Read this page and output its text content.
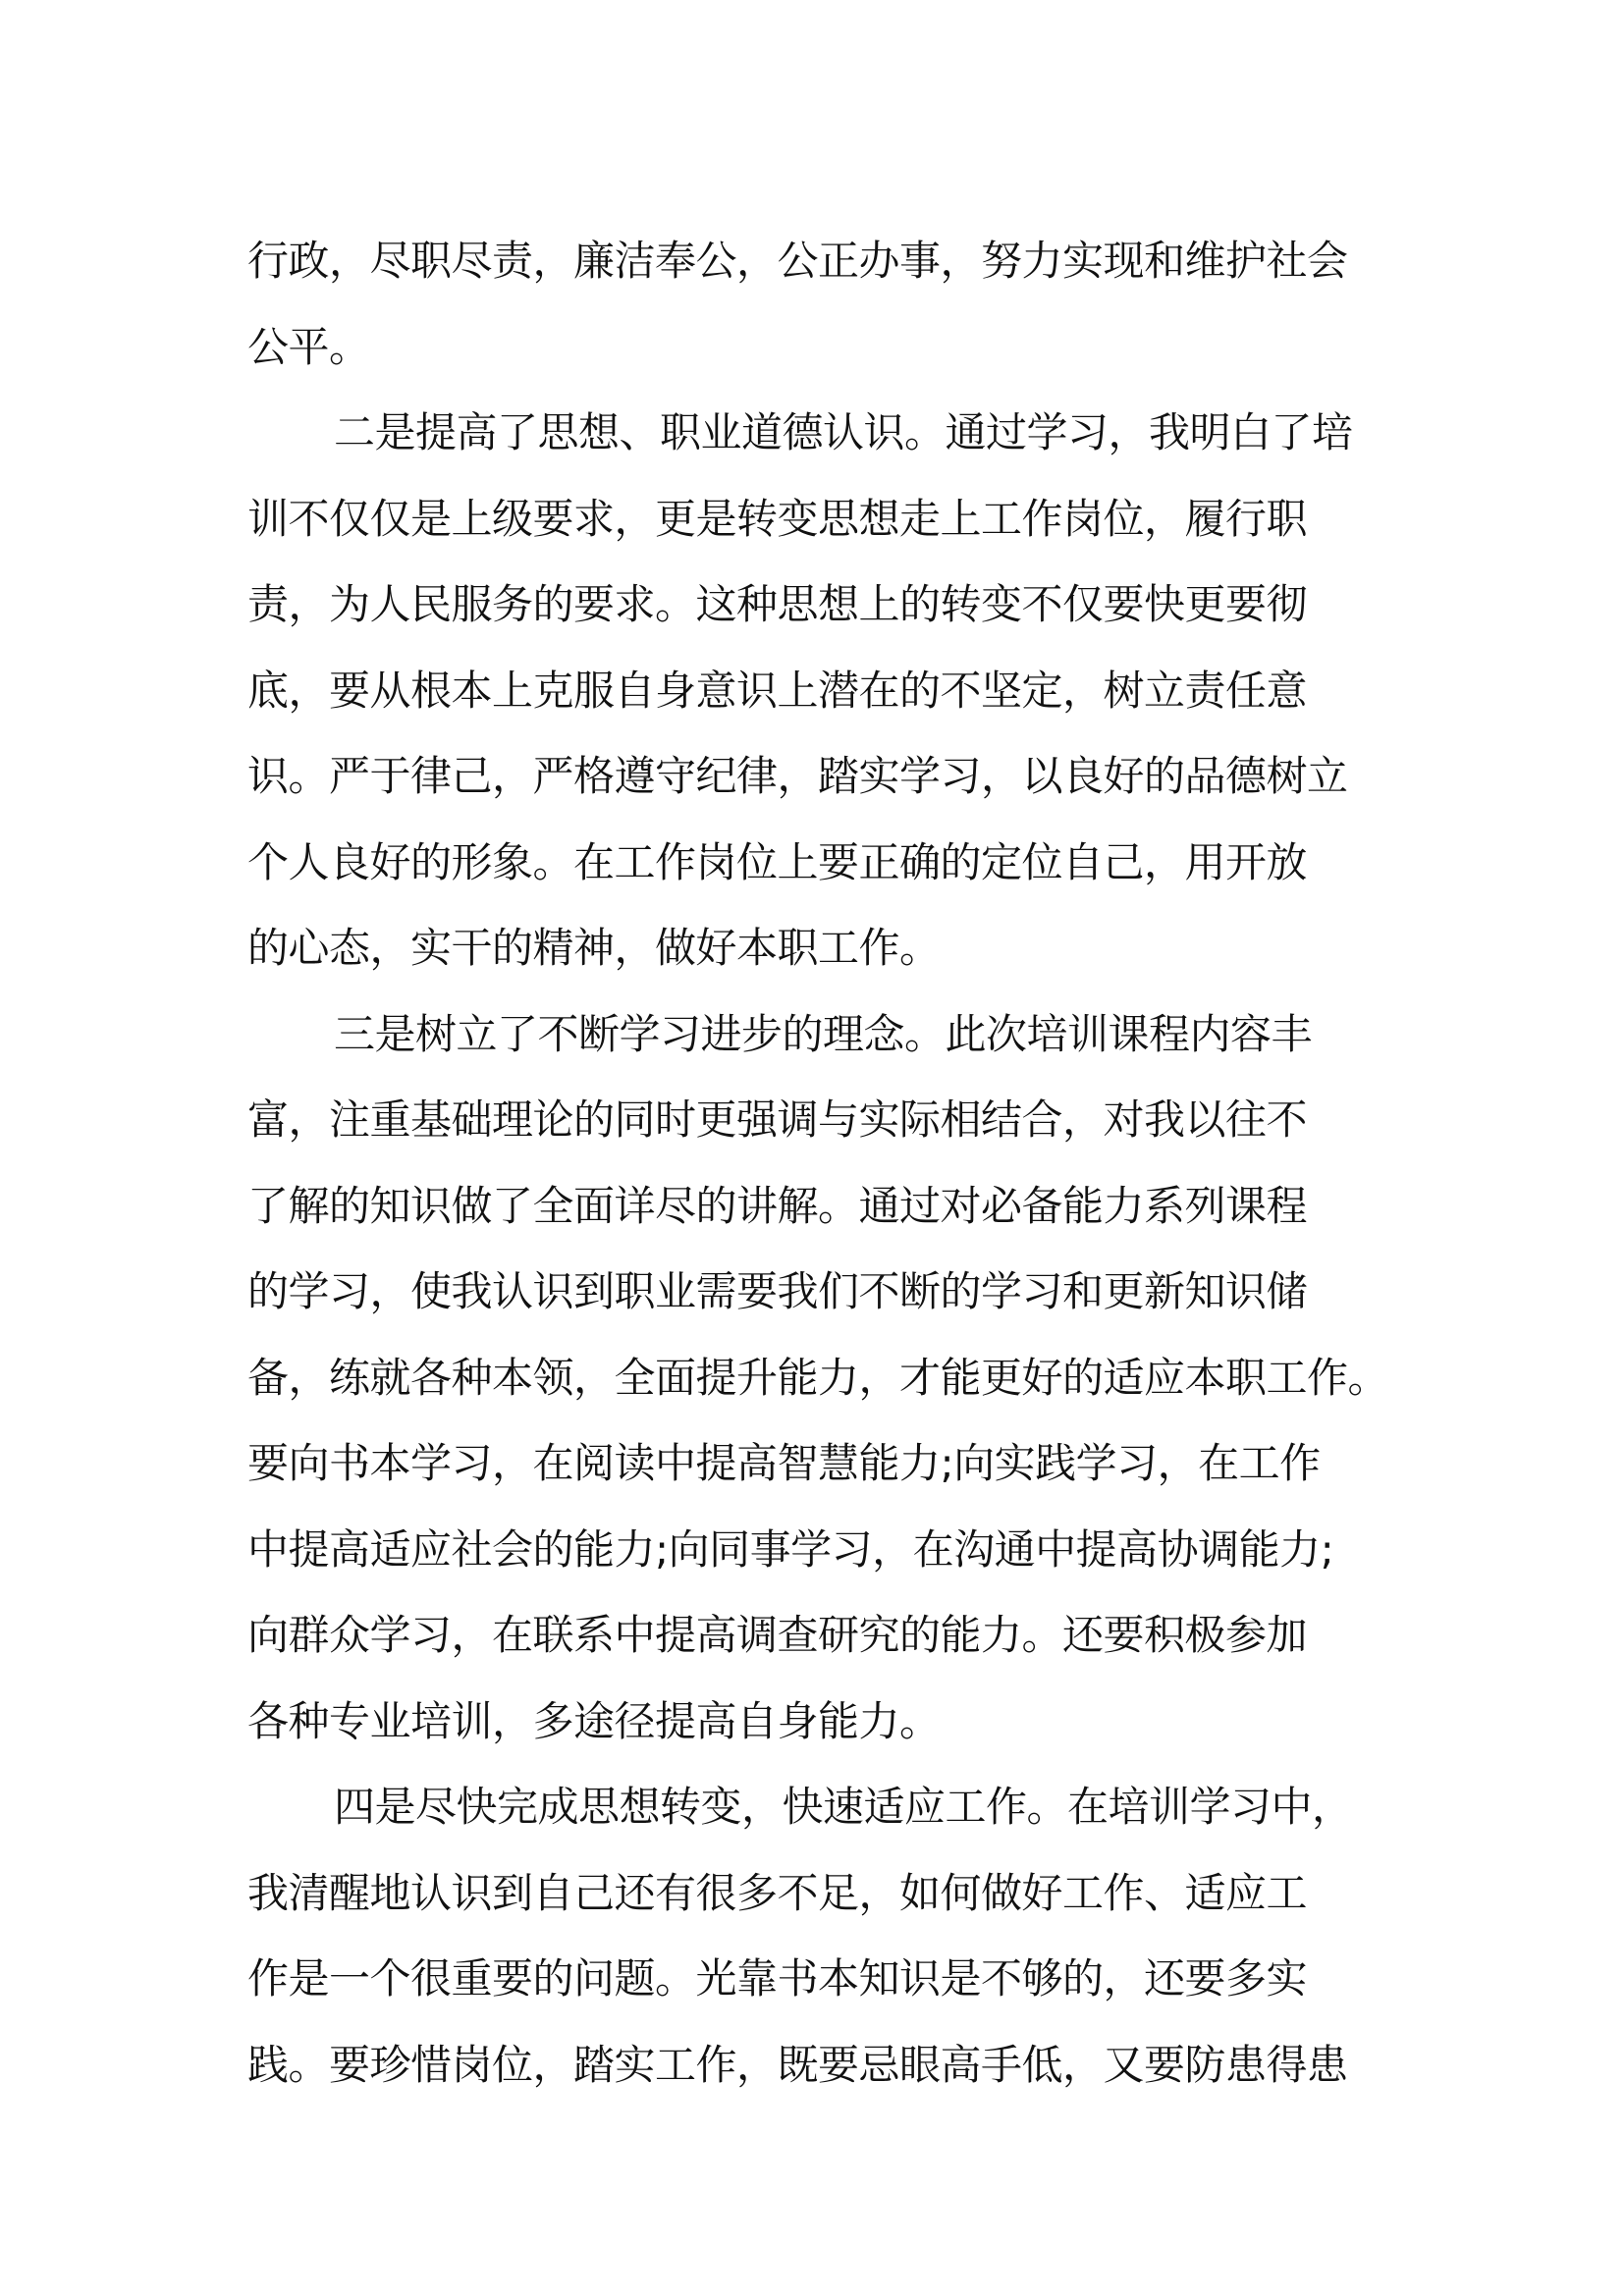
行政，尽职尽责，廉洁奉公，公正办事，努力实现和维护社会
公平。
二是提高了思想、职业道德认识。通过学习，我明白了培
训不仅仅是上级要求，更是转变思想走上工作岗位，履行职
责，为人民服务的要求。这种思想上的转变不仅要快更要彻
底，要从根本上克服自身意识上潜在的不坚定，树立责任意
识。严于律己，严格遵守纪律，踏实学习，以良好的品德树立
个人良好的形象。在工作岗位上要正确的定位自己，用开放
的心态，实干的精神，做好本职工作。
三是树立了不断学习进步的理念。此次培训课程内容丰
富，注重基础理论的同时更强调与实际相结合，对我以往不
了解的知识做了全面详尽的讲解。通过对必备能力系列课程
的学习，使我认识到职业需要我们不断的学习和更新知识储
备，练就各种本领，全面提升能力，才能更好的适应本职工作。
要向书本学习，在阅读中提高智慧能力;向实践学习，在工作
中提高适应社会的能力;向同事学习，在沟通中提高协调能力;
向群众学习，在联系中提高调查研究的能力。还要积极参加
各种专业培训，多途径提高自身能力。
四是尽快完成思想转变，快速适应工作。在培训学习中，
我清醒地认识到自己还有很多不足，如何做好工作、适应工
作是一个很重要的问题。光靠书本知识是不够的，还要多实
践。要珍惜岗位，踏实工作，既要忌眼高手低，又要防患得患
